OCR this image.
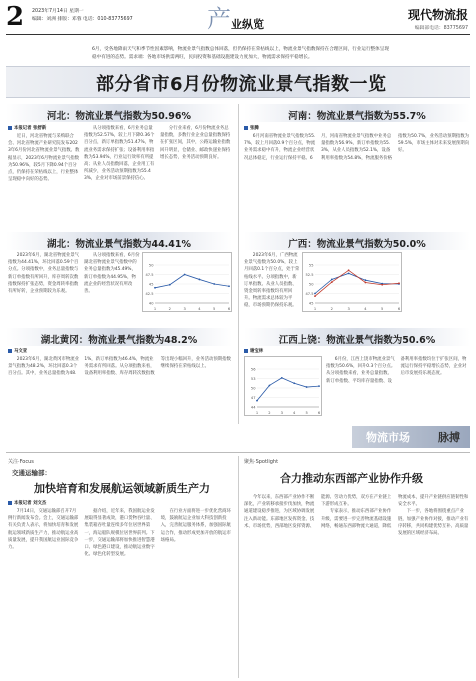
2 2023年7月14日 星期一
编辑：刘洲 排版：邓蓉 电话：010-83775697	产 业纵览
现代物流报
编辑部电话：83775697
6月，受各地降雨天气和季节性因素影响，物流业景气指数总体回落，但仍保持在荣枯线以上，物流业景气指数保持在合理区间，行业运行整体呈现稳中有进的态势。需求端：各地市场供需两旺，民间投资和基础设施建设力度加大，物流需求保持平稳增长。
部分省市6月份物流业景气指数一览
河北：物流业景气指数为50.96%
本报记者 张舒新

近日，河北省物流与采购联合会、河北省物流产业研究院发布2023年6月份河北省物流业景气指数。数据显示，2023年6月物流业景气指数为50.96%，较5月下降0.94个百分点，仍保持在荣枯线以上，行业整体呈现稳中向好的态势。

从分项指数来看，6月业务总量指数为52.57%，较上月下降0.36个百分点，新订单指数为51.47%，物流业务需求保持扩张；设备利用率指数为53.94%，行业运行效率有所提高；从业人员指数回落，企业用工有所减少，业务活动预期指数为55.43%，企业对市场前景保持信心。

分行业来看，6月份物流业务总量指数，多数行业企业总量指数保持在扩张区间，其中，公路运输业指数回升明显，仓储业、邮政快递业保持增长态势，业务活动预期良好。

河南：物流业景气指数为55.7%
张腾

6月河南省物流业景气指数为55.7%，较上月回落0.9个百分点，物流业务需求稳中有升，物流企业经营状况总体稳定，行业运行保持平稳。6月，河南省物流业景气指数中业务总量指数为56.9%，新订单指数为55.3%，从业人员指数为52.1%，设备利用率指数为54.8%，物流服务价格指数为50.7%，业务活动预期指数为59.5%，市场主体对未来发展预期向好。

湖北：物流业景气指数为44.41%

2023年6月，湖北省物流业景气指数为44.41%，环比回落0.59个百分点。分项指数中，业务总量指数与新订单指数有所回升，库存周转次数指数保持扩张态势，资金周转率指数有所好转，企业预期较为乐观。

从分项指数来看，6月份湖北省物流业景气指数中的业务总量指数为45.49%，新订单指数为44.95%，物流企业的经营状况有所改善。

40
42.5
45
47.5
50
1	2	3	4	5	6
广西：物流业景气指数为50.0%

2023年6月，广西物流业景气指数为50.0%，较上月回落0.1个百分点，处于荣枯线水平。分项指数中，新订单指数、从业人员指数、资金周转率指数均有所回升。物流需求总体较为平稳，市场预期仍保持乐观。

45
47.5
50
52.5
55
1	2	3	4	5	6
湖北黄冈：物流业景气指数为48.2%
马文亚

2023年6月，湖北黄冈市物流业景气指数为48.2%，环比回落0.3个百分点。其中，业务总量指数为48.1%，新订单指数为46.4%，物流业务需求有所回落。从分项指数来看，设备利用率指数、库存周转次数指数等出现小幅回升，业务活动预期指数继续保持在荣枯线以上。

江西上饶：物流业景气指数为50.6%
谢宝林
44
47
50
53
56
1	2	3	4	5	6

6月份，江西上饶市物流业景气指数为50.6%，回升0.3个百分点。从分项指数来看，业务总量指数、新订单指数、平均库存量指数、设备利用率指数均位于扩张区间，物流运行保持平稳增长态势，企业对后市发展持乐观态度。

物流市场	脉搏
关注·Focus
交通运输部：
加快培育和发展航运领域新质生产力
本报记者 刘文杰

7月14日，交通运输部召开7月例行新闻发布会。会上，交通运输部有关负责人表示，将加快培育和发展航运领域新质生产力，推动航运业高质量发展，提升我国航运业国际竞争力。

据介绍，近年来，我国航运业发展取得显著成效，港口货物吞吐量、集装箱吞吐量连续多年位居世界第一，海运船队规模位居世界前列。下一步，交通运输部将加快推进智慧港口、绿色港口建设，推动航运业数字化、绿色化转型发展。

在行业方面将进一步优化营商环境，鼓励航运企业加大科技创新投入，完善航运服务体系，加强国际航运合作，推动形成更加开放的航运市场格局。

聚焦·Spotlight
合力推动东西部产业协作升级

今年以来，东西部产业协作不断深化，产业转移承接步伐加快，物流通道建设稳步推进，为区域协调发展注入新动能。东部地区发挥资金、技术、市场优势，西部地区发挥资源、能源、劳动力优势，双方在产业链上下游形成互补。

专家表示，推动东西部产业协作升级，需要进一步完善物流基础设施网络，畅通东西部物流大通道，降低物流成本，提升产业链供应链韧性和安全水平。

下一步，各地将围绕重点产业链，加强产业协作对接，推动产业有序转移，共同构建优势互补、高质量发展的区域经济布局。
